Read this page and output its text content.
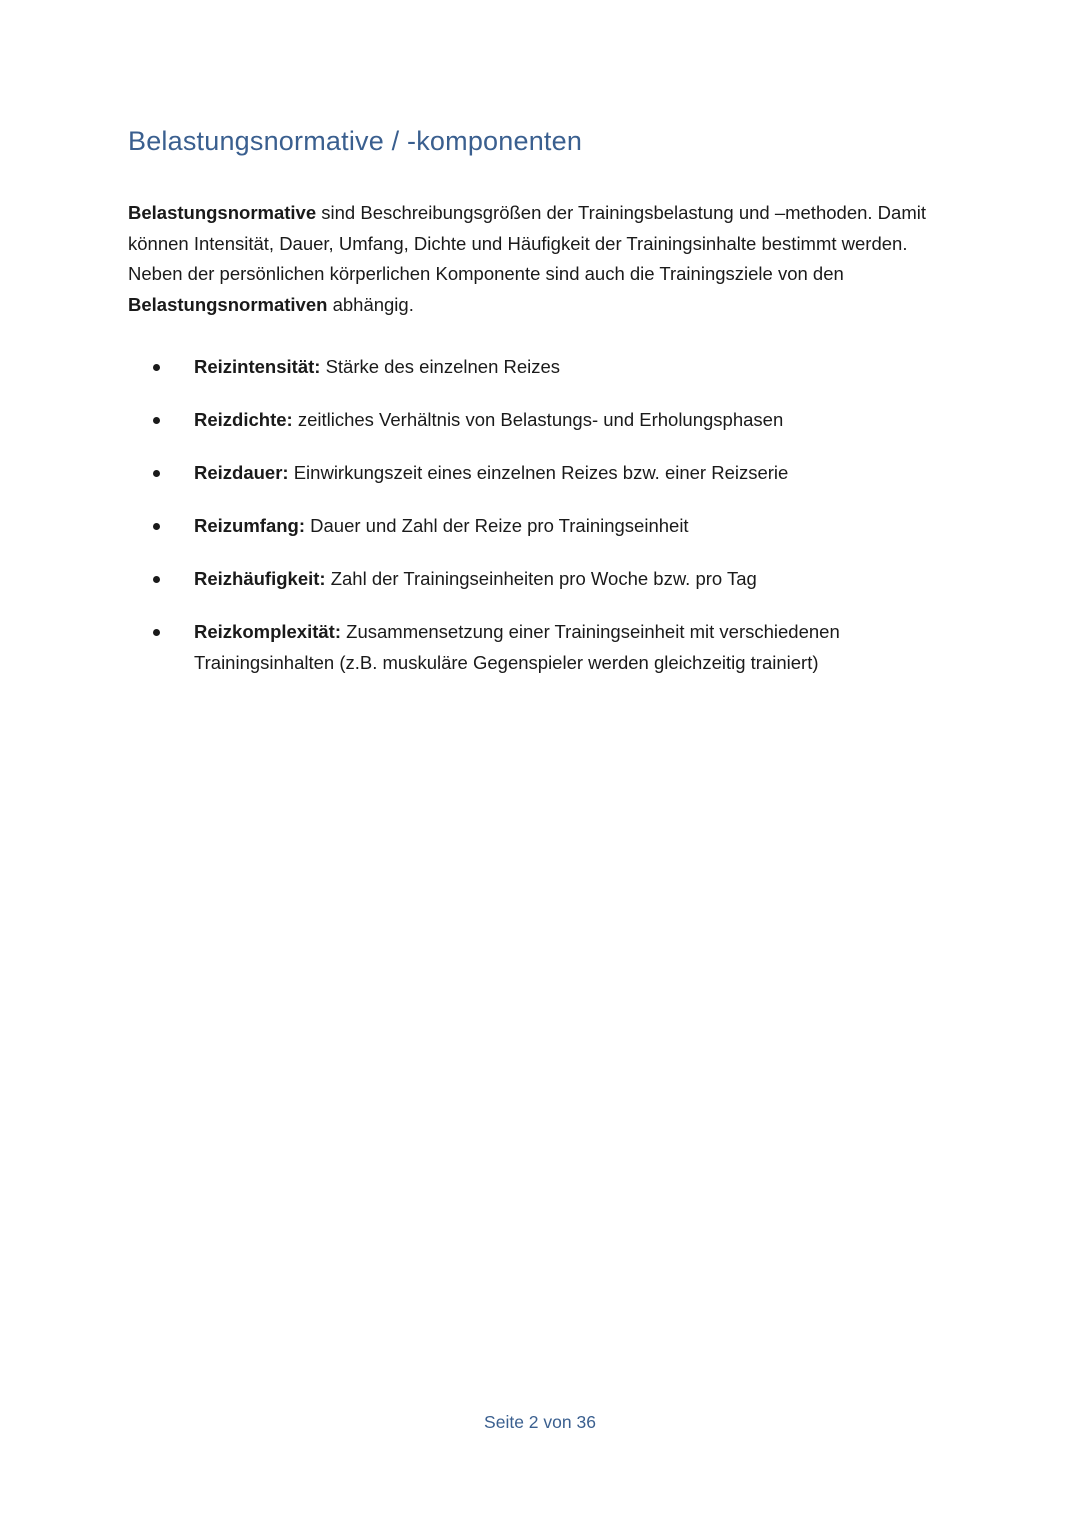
Belastungsnormative / -komponenten

Belastungsnormative sind Beschreibungsgrößen der Trainingsbelastung und –methoden. Damit können Intensität, Dauer, Umfang, Dichte und Häufigkeit der Trainingsinhalte bestimmt werden. Neben der persönlichen körperlichen Komponente sind auch die Trainingsziele von den Belastungsnormativen abhängig.

Reizintensität: Stärke des einzelnen Reizes
Reizdichte: zeitliches Verhältnis von Belastungs- und Erholungsphasen
Reizdauer: Einwirkungszeit eines einzelnen Reizes bzw. einer Reizserie
Reizumfang: Dauer und Zahl der Reize pro Trainingseinheit
Reizhäufigkeit: Zahl der Trainingseinheiten pro Woche bzw. pro Tag
Reizkomplexität: Zusammensetzung einer Trainingseinheit mit verschiedenen Trainingsinhalten (z.B. muskuläre Gegenspieler werden gleichzeitig trainiert)
Seite 2 von 36
